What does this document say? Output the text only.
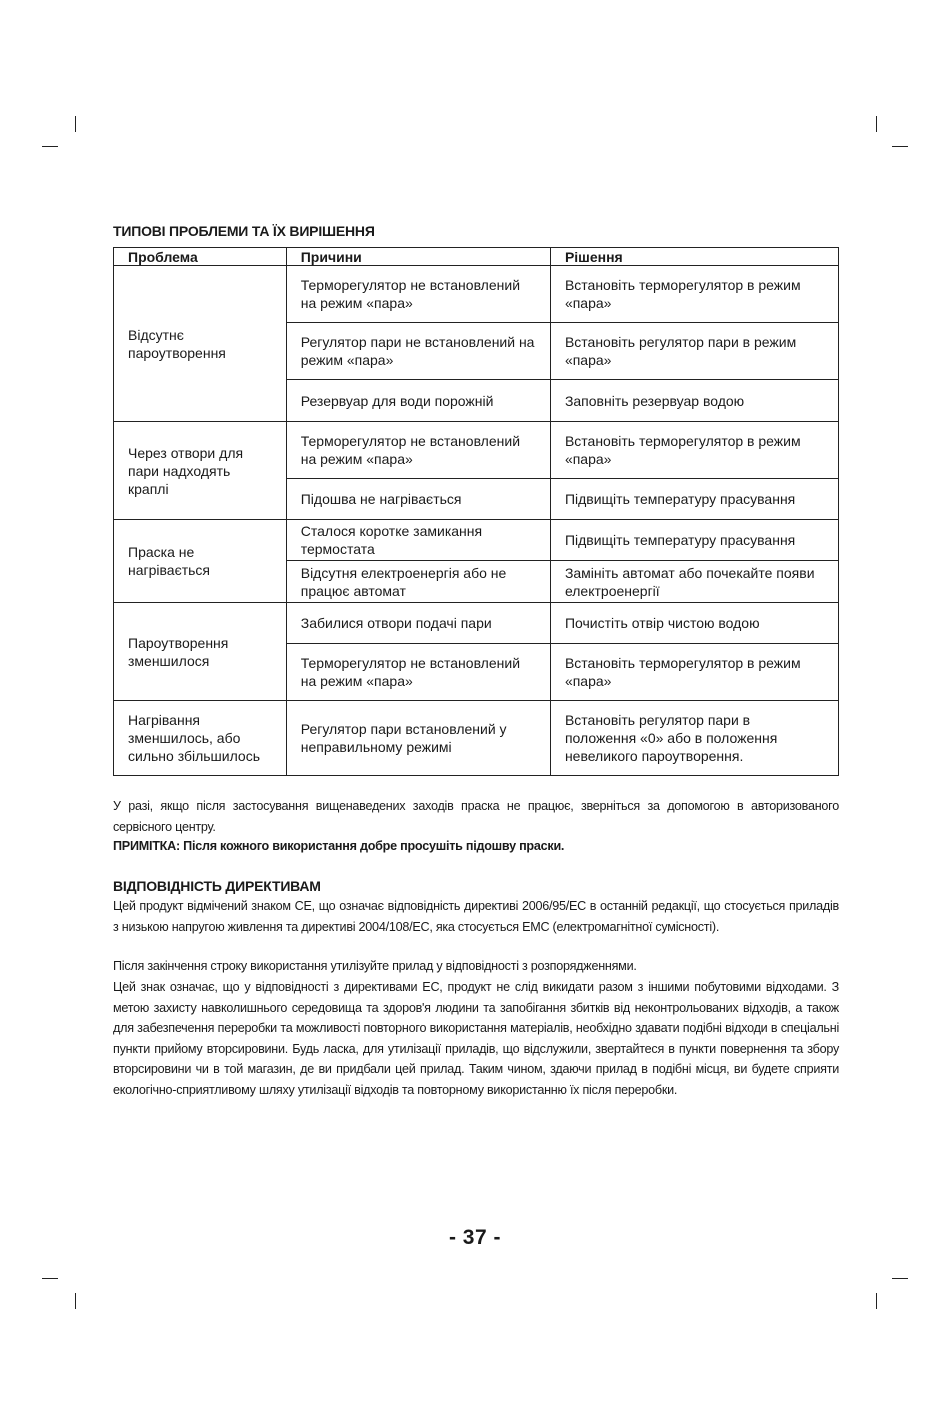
ТИПОВІ ПРОБЛЕМИ ТА ЇХ ВИРІШЕННЯ
Проблема	Причини	Рішення
Відсутнє пароутворення	Терморегулятор не встановлений на режим «пара»	Встановіть терморегулятор в режим «пара»
	Регулятор пари не встановлений на режим «пара»	Встановіть регулятор пари в режим «пара»
	Резервуар для води порожній	Заповніть резервуар водою
Через отвори для пари надходять краплі	Терморегулятор не встановлений на режим «пара»	Встановіть терморегулятор в режим «пара»
	Підошва не нагрівається	Підвищіть температуру прасування
Праска не нагрівається	Сталося коротке замикання термостата	Підвищіть температуру прасування
	Відсутня електроенергія або не працює автомат	Замініть автомат або почекайте появи електроенергії
Пароутворення зменшилося	Забилися отвори подачі пари	Почистіть отвір чистою водою
	Терморегулятор не встановлений на режим «пара»	Встановіть терморегулятор в режим «пара»
Нагрівання зменшилось, або сильно збільшилось	Регулятор пари встановлений у неправильному режимі	Встановіть регулятор пари в положення «0» або в положення невеликого пароутворення.

У разі, якщо після застосування вищенаведених заходів праска не працює, зверніться за допомогою в авторизованого сервісного центру.

ПРИМІТКА: Після кожного використання добре просушіть підошву праски.

ВІДПОВІДНІСТЬ ДИРЕКТИВАМ

Цей продукт відмічений знаком СЕ, що означає відповідність директиві 2006/95/ЕС в останній редакції, що стосується приладів з низькою напругою живлення та директиві 2004/108/ЕС, яка стосується ЕМС (електромагнітної сумісності).

Після закінчення строку використання утилізуйте прилад у відповідності з розпорядженнями.

Цей знак означає, що у відповідності з директивами ЕС, продукт не слід викидати разом з іншими побутовими відходами. З метою захисту навколишнього середовища та здоров'я людини та запобігання збитків від неконтрольованих відходів, а також для забезпечення переробки та можливості повторного використання матеріалів, необхідно здавати подібні відходи в спеціальні пункти прийому вторсировини. Будь ласка, для утилізації приладів, що відслужили, звертайтеся в пункти повернення та збору вторсировини чи в той магазин, де ви придбали цей прилад. Таким чином, здаючи прилад в подібні місця, ви будете сприяти екологічно-сприятливому шляху утилізації відходів та повторному використанню їх після переробки.

- 37 -
